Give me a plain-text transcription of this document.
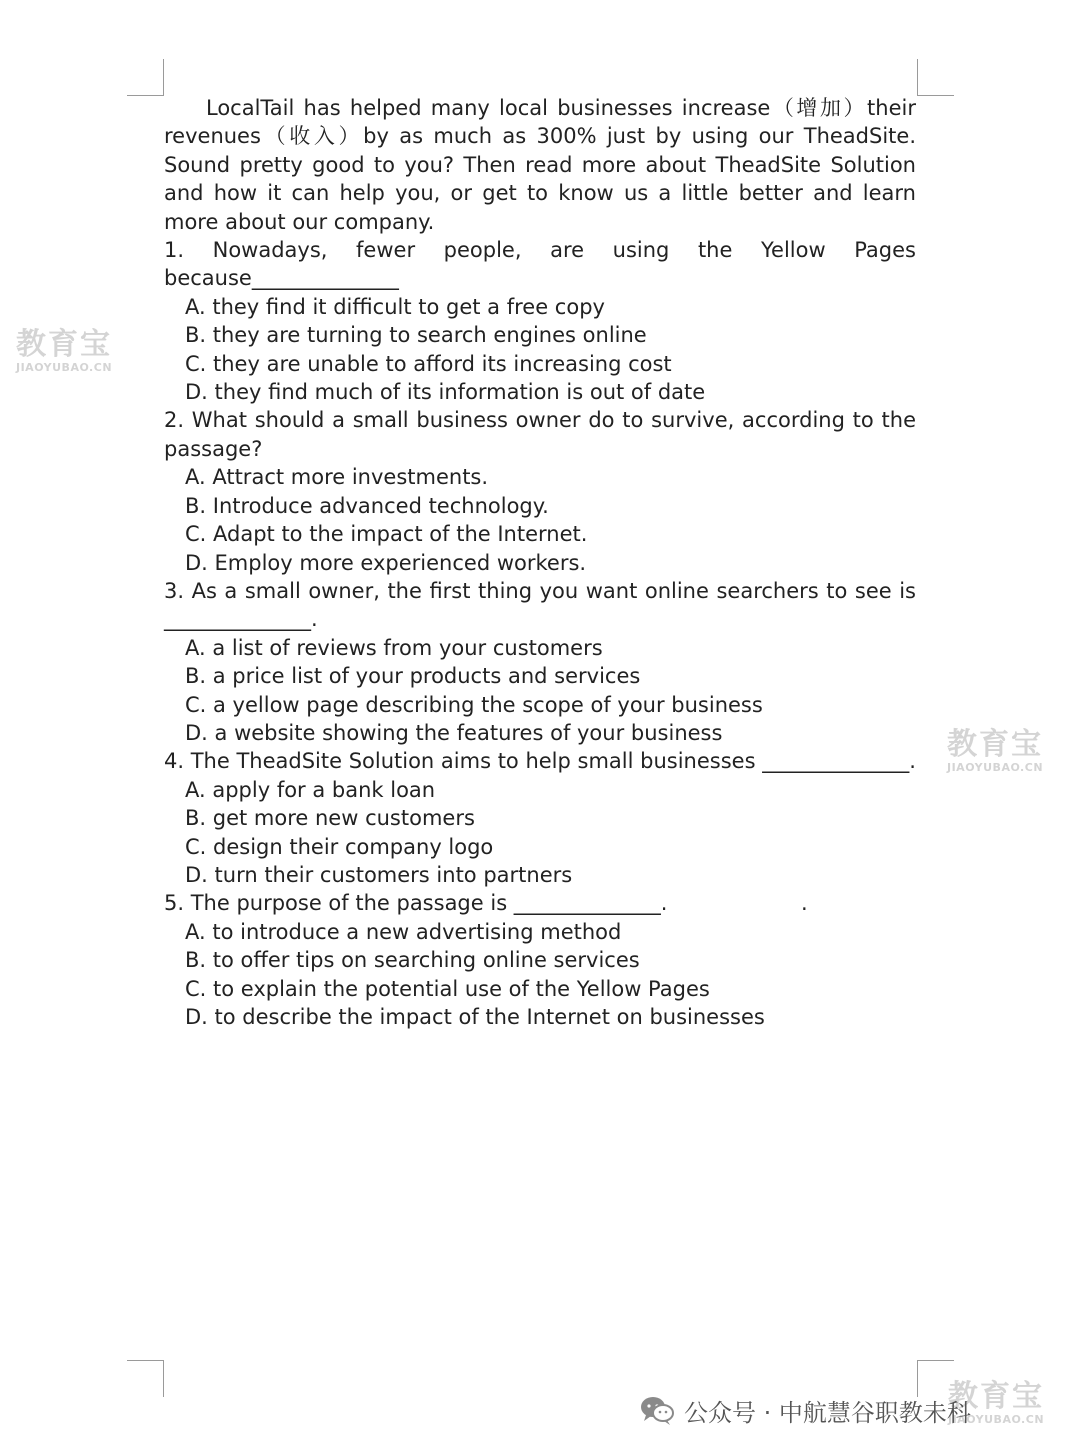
LocalTail has helped many local businesses increase（增加）their revenues（收入）by as much as 300% just by using our TheadSite. Sound pretty good to you? Then read more about TheadSite Solution and how it can help you, or get to know us a little better and learn more about our company.

1. Nowadays, fewer people, are using the Yellow Pages

because______________

A. they find it difficult to get a free copy

B. they are turning to search engines online

C. they are unable to afford its increasing cost

D. they find much of its information is out of date

2. What should a small business owner do to survive, according to the passage?

A. Attract more investments.

B. Introduce advanced technology.

C. Adapt to the impact of the Internet.

D. Employ more experienced workers.

3. As a small owner, the first thing you want online searchers to see is ______________.

A. a list of reviews from your customers

B. a price list of your products and services

C. a yellow page describing the scope of your business

D. a website showing the features of your business

4. The TheadSite Solution aims to help small businesses ______________.

A. apply for a bank loan

B. get more new customers

C. design their company logo

D. turn their customers into partners

5. The purpose of the passage is ______________.                    .

A. to introduce a new advertising method

B. to offer tips on searching online services

C. to explain the potential use of the Yellow Pages

D. to describe the impact of the Internet on businesses

教育宝
JIAOYUBAO.CN
教育宝
JIAOYUBAO.CN
教育宝
JIAOYUBAO.CN
公众号 · 中航慧谷职教未科
